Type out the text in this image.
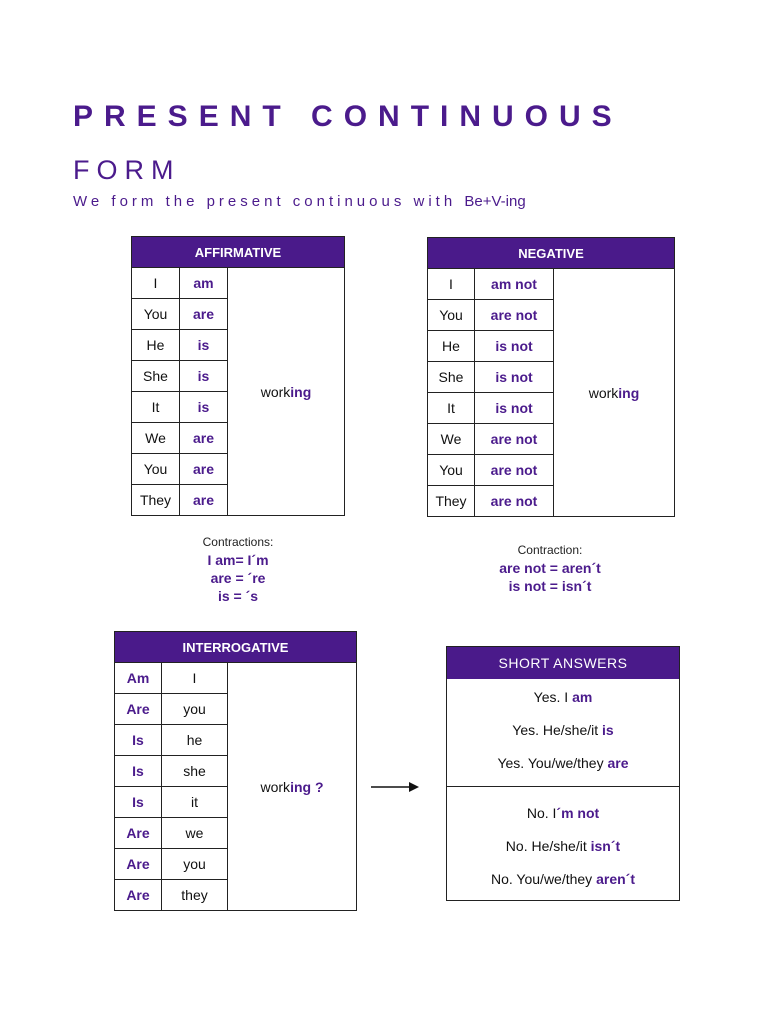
PRESENT CONTINUOUS
FORM
We form the present continuous with Be+V-ing
AFFIRMATIVE		
I	am	working
You	are	
He	is	
She	is	
It	is	
We	are	
You	are	
They	are	
NEGATIVE		
I	am not	working
You	are not	
He	is not	
She	is not	
It	is not	
We	are not	
You	are not	
They	are not	
Contractions:
I am= I´m
are = ´re
is = ´s
Contraction:
are not = aren´t
is not = isn´t
INTERROGATIVE		
Am	I	working ?
Are	you	
Is	he	
Is	she	
Is	it	
Are	we	
Are	you	
Are	they	
SHORT ANSWERS
Yes. I am
Yes. He/she/it is
Yes. You/we/they are
No. I´m not
No. He/she/it isn´t
No. You/we/they aren´t
